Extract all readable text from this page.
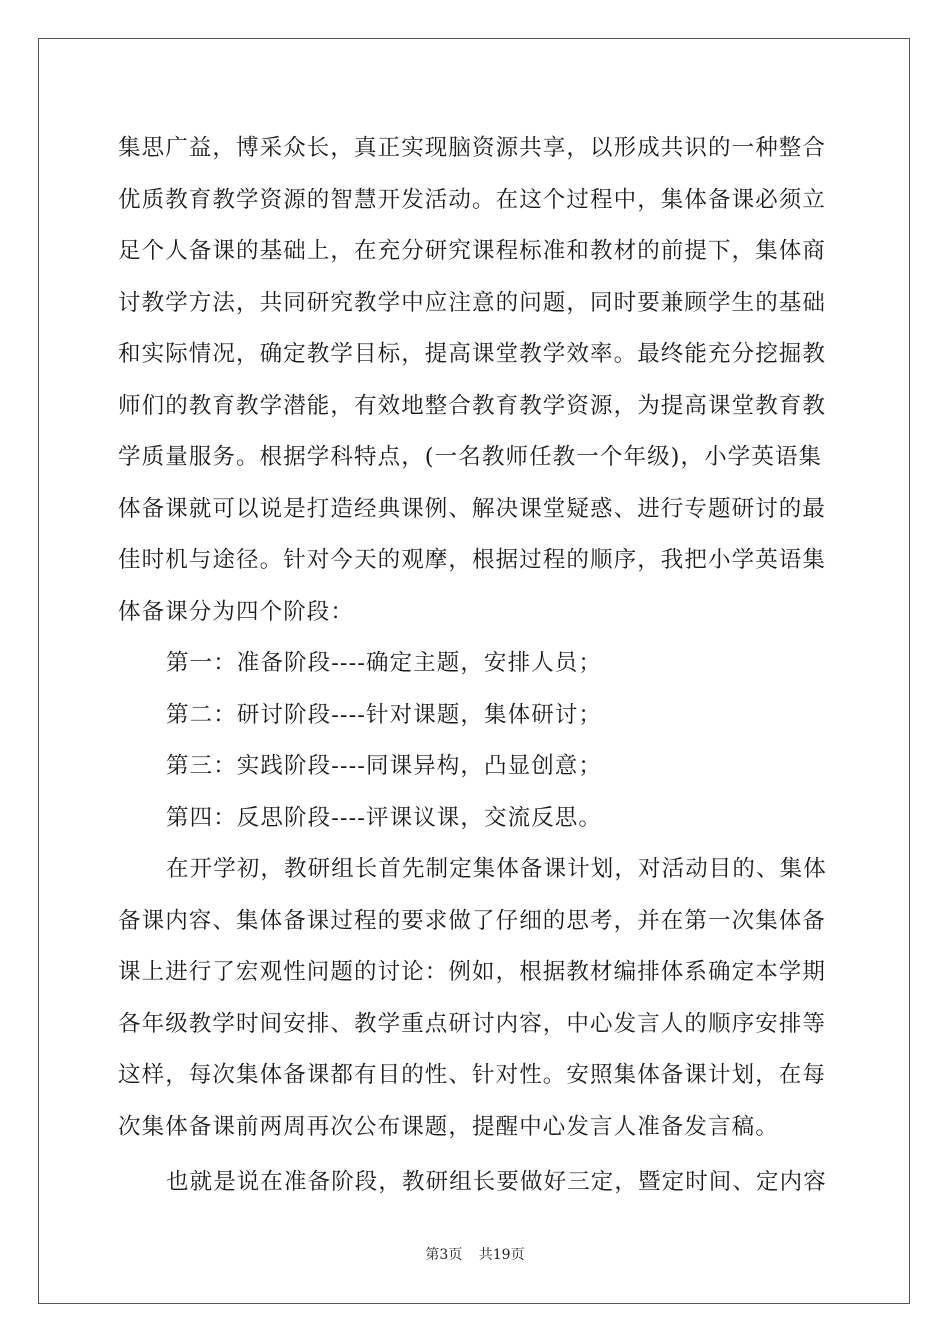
集思广益，博采众长，真正实现脑资源共享，以形成共识的一种整合
优质教育教学资源的智慧开发活动。在这个过程中，集体备课必须立
足个人备课的基础上，在充分研究课程标准和教材的前提下，集体商
讨教学方法，共同研究教学中应注意的问题，同时要兼顾学生的基础
和实际情况，确定教学目标，提高课堂教学效率。最终能充分挖掘教
师们的教育教学潜能，有效地整合教育教学资源，为提高课堂教育教
学质量服务。根据学科特点，(一名教师任教一个年级)，小学英语集
体备课就可以说是打造经典课例、解决课堂疑惑、进行专题研讨的最
佳时机与途径。针对今天的观摩，根据过程的顺序，我把小学英语集
体备课分为四个阶段：
第一：准备阶段----确定主题，安排人员；
第二：研讨阶段----针对课题，集体研讨；
第三：实践阶段----同课异构，凸显创意；
第四：反思阶段----评课议课，交流反思。
在开学初，教研组长首先制定集体备课计划，对活动目的、集体
备课内容、集体备课过程的要求做了仔细的思考，并在第一次集体备
课上进行了宏观性问题的讨论：例如，根据教材编排体系确定本学期
各年级教学时间安排、教学重点研讨内容，中心发言人的顺序安排等
这样，每次集体备课都有目的性、针对性。安照集体备课计划，在每
次集体备课前两周再次公布课题，提醒中心发言人准备发言稿。
也就是说在准备阶段，教研组长要做好三定，暨定时间、定内容
第3页 共19页
